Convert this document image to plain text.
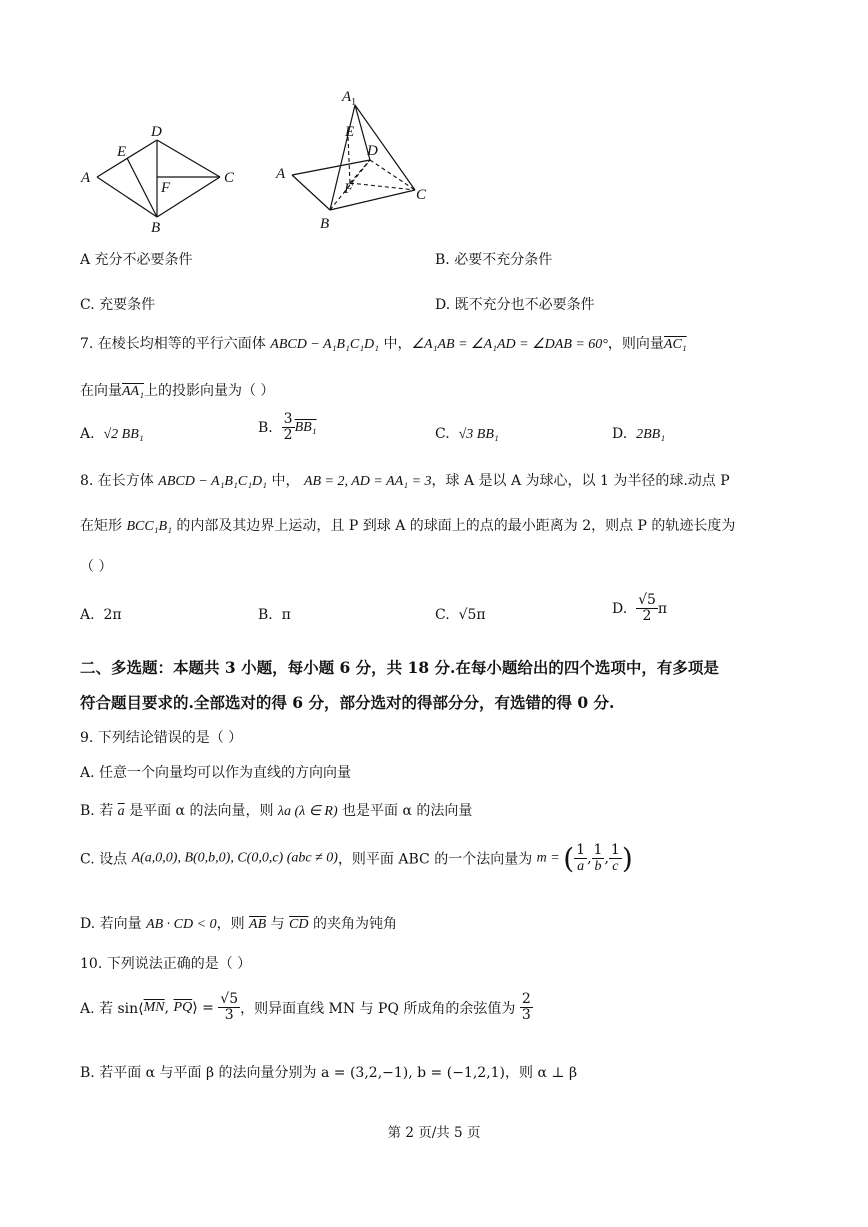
A
D
E
F
C
B
$A_1$
E
D
A
F	C
B
A 充分不必要条件	B. 必要不充分条件
C. 充要条件	D. 既不充分也不必要条件
7. 在棱长均相等的平行六面体 ABCD − A₁B₁C₁D₁ 中，∠A₁AB = ∠A₁AD = ∠DAB = 60°，则向量AC₁
在向量AA₁上的投影向量为（ ）
A. √2 BB₁	B. $\frac{3}{2} BB_1$	C. √3 BB₁	D. 2BB₁
8. 在长方体 ABCD − A₁B₁C₁D₁ 中， AB = 2, AD = AA₁ = 3，球 A 是以 A 为球心，以 1 为半径的球.动点 P
在矩形 BCC₁B₁ 的内部及其边界上运动，且 P 到球 A 的球面上的点的最小距离为 2，则点 P 的轨迹长度为
（ ）
A. 2π	B. π	C. √5π	D. $\frac{√5}{2}$ π
二、多选题：本题共 3 小题，每小题 6 分，共 18 分.在每小题给出的四个选项中，有多项是
符合题目要求的.全部选对的得 6 分，部分选对的得部分分，有选错的得 0 分.
9. 下列结论错误的是（ ）
A. 任意一个向量均可以作为直线的方向向量
B. 若 $\overline{a}$ 是平面 α 的法向量，则 λa (λ ∈ R) 也是平面 α 的法向量
C. 设点 A(a,0,0), B(0,b,0), C(0,0,c) (abc ≠ 0)，则平面 ABC 的一个法向量为 m = ( $\frac{1}{a}$ , $\frac{1}{b}$ , $\frac{1}{c}$ )
D. 若向量 AB · CD < 0，则 $\overline{AB}$ 与 $\overline{CD}$ 的夹角为钝角
10. 下列说法正确的是（ ）
A. 若 $\sin⟨\overline{MN}$, $\overline{PQ}⟩ = \frac{√5}{3}$ ，则异面直线 MN 与 PQ 所成角的余弦值为 $\frac{2}{3}$
B. 若平面 α 与平面 β 的法向量分别为 a = (3,2,−1), b = (−1,2,1)，则 α ⊥ β
第 2 页/共 5 页
